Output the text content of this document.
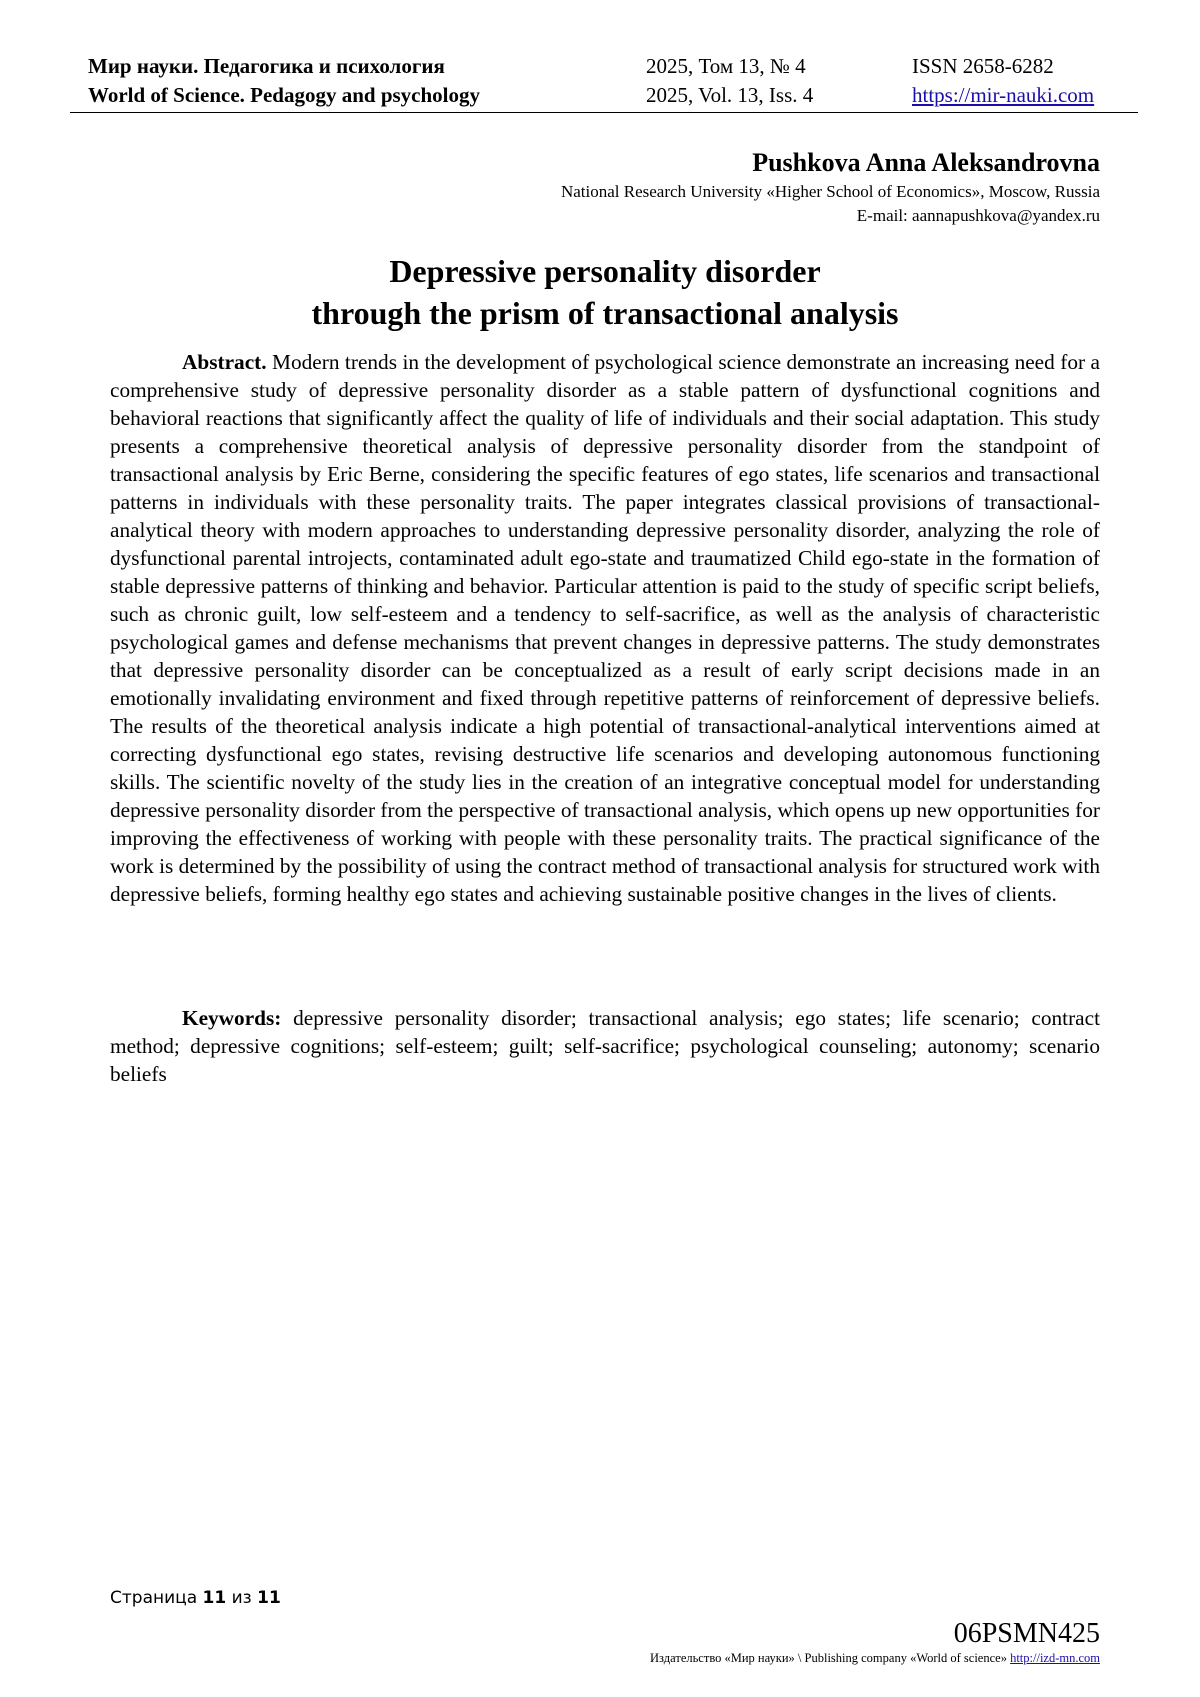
Мир науки. Педагогика и психология
World of Science. Pedagogy and psychology
2025, Том 13, № 4
2025, Vol. 13, Iss. 4
ISSN 2658-6282
https://mir-nauki.com
Pushkova Anna Aleksandrovna
National Research University «Higher School of Economics», Moscow, Russia
E-mail: aannapushkova@yandex.ru
Depressive personality disorder
through the prism of transactional analysis
Abstract. Modern trends in the development of psychological science demonstrate an increasing need for a comprehensive study of depressive personality disorder as a stable pattern of dysfunctional cognitions and behavioral reactions that significantly affect the quality of life of individuals and their social adaptation. This study presents a comprehensive theoretical analysis of depressive personality disorder from the standpoint of transactional analysis by Eric Berne, considering the specific features of ego states, life scenarios and transactional patterns in individuals with these personality traits. The paper integrates classical provisions of transactional-analytical theory with modern approaches to understanding depressive personality disorder, analyzing the role of dysfunctional parental introjects, contaminated adult ego-state and traumatized Child ego-state in the formation of stable depressive patterns of thinking and behavior. Particular attention is paid to the study of specific script beliefs, such as chronic guilt, low self-esteem and a tendency to self-sacrifice, as well as the analysis of characteristic psychological games and defense mechanisms that prevent changes in depressive patterns. The study demonstrates that depressive personality disorder can be conceptualized as a result of early script decisions made in an emotionally invalidating environment and fixed through repetitive patterns of reinforcement of depressive beliefs. The results of the theoretical analysis indicate a high potential of transactional-analytical interventions aimed at correcting dysfunctional ego states, revising destructive life scenarios and developing autonomous functioning skills. The scientific novelty of the study lies in the creation of an integrative conceptual model for understanding depressive personality disorder from the perspective of transactional analysis, which opens up new opportunities for improving the effectiveness of working with people with these personality traits. The practical significance of the work is determined by the possibility of using the contract method of transactional analysis for structured work with depressive beliefs, forming healthy ego states and achieving sustainable positive changes in the lives of clients.
Keywords: depressive personality disorder; transactional analysis; ego states; life scenario; contract method; depressive cognitions; self-esteem; guilt; self-sacrifice; psychological counseling; autonomy; scenario beliefs
Страница 11 из 11
06PSMN425
Издательство «Мир науки» \ Publishing company «World of science» http://izd-mn.com
